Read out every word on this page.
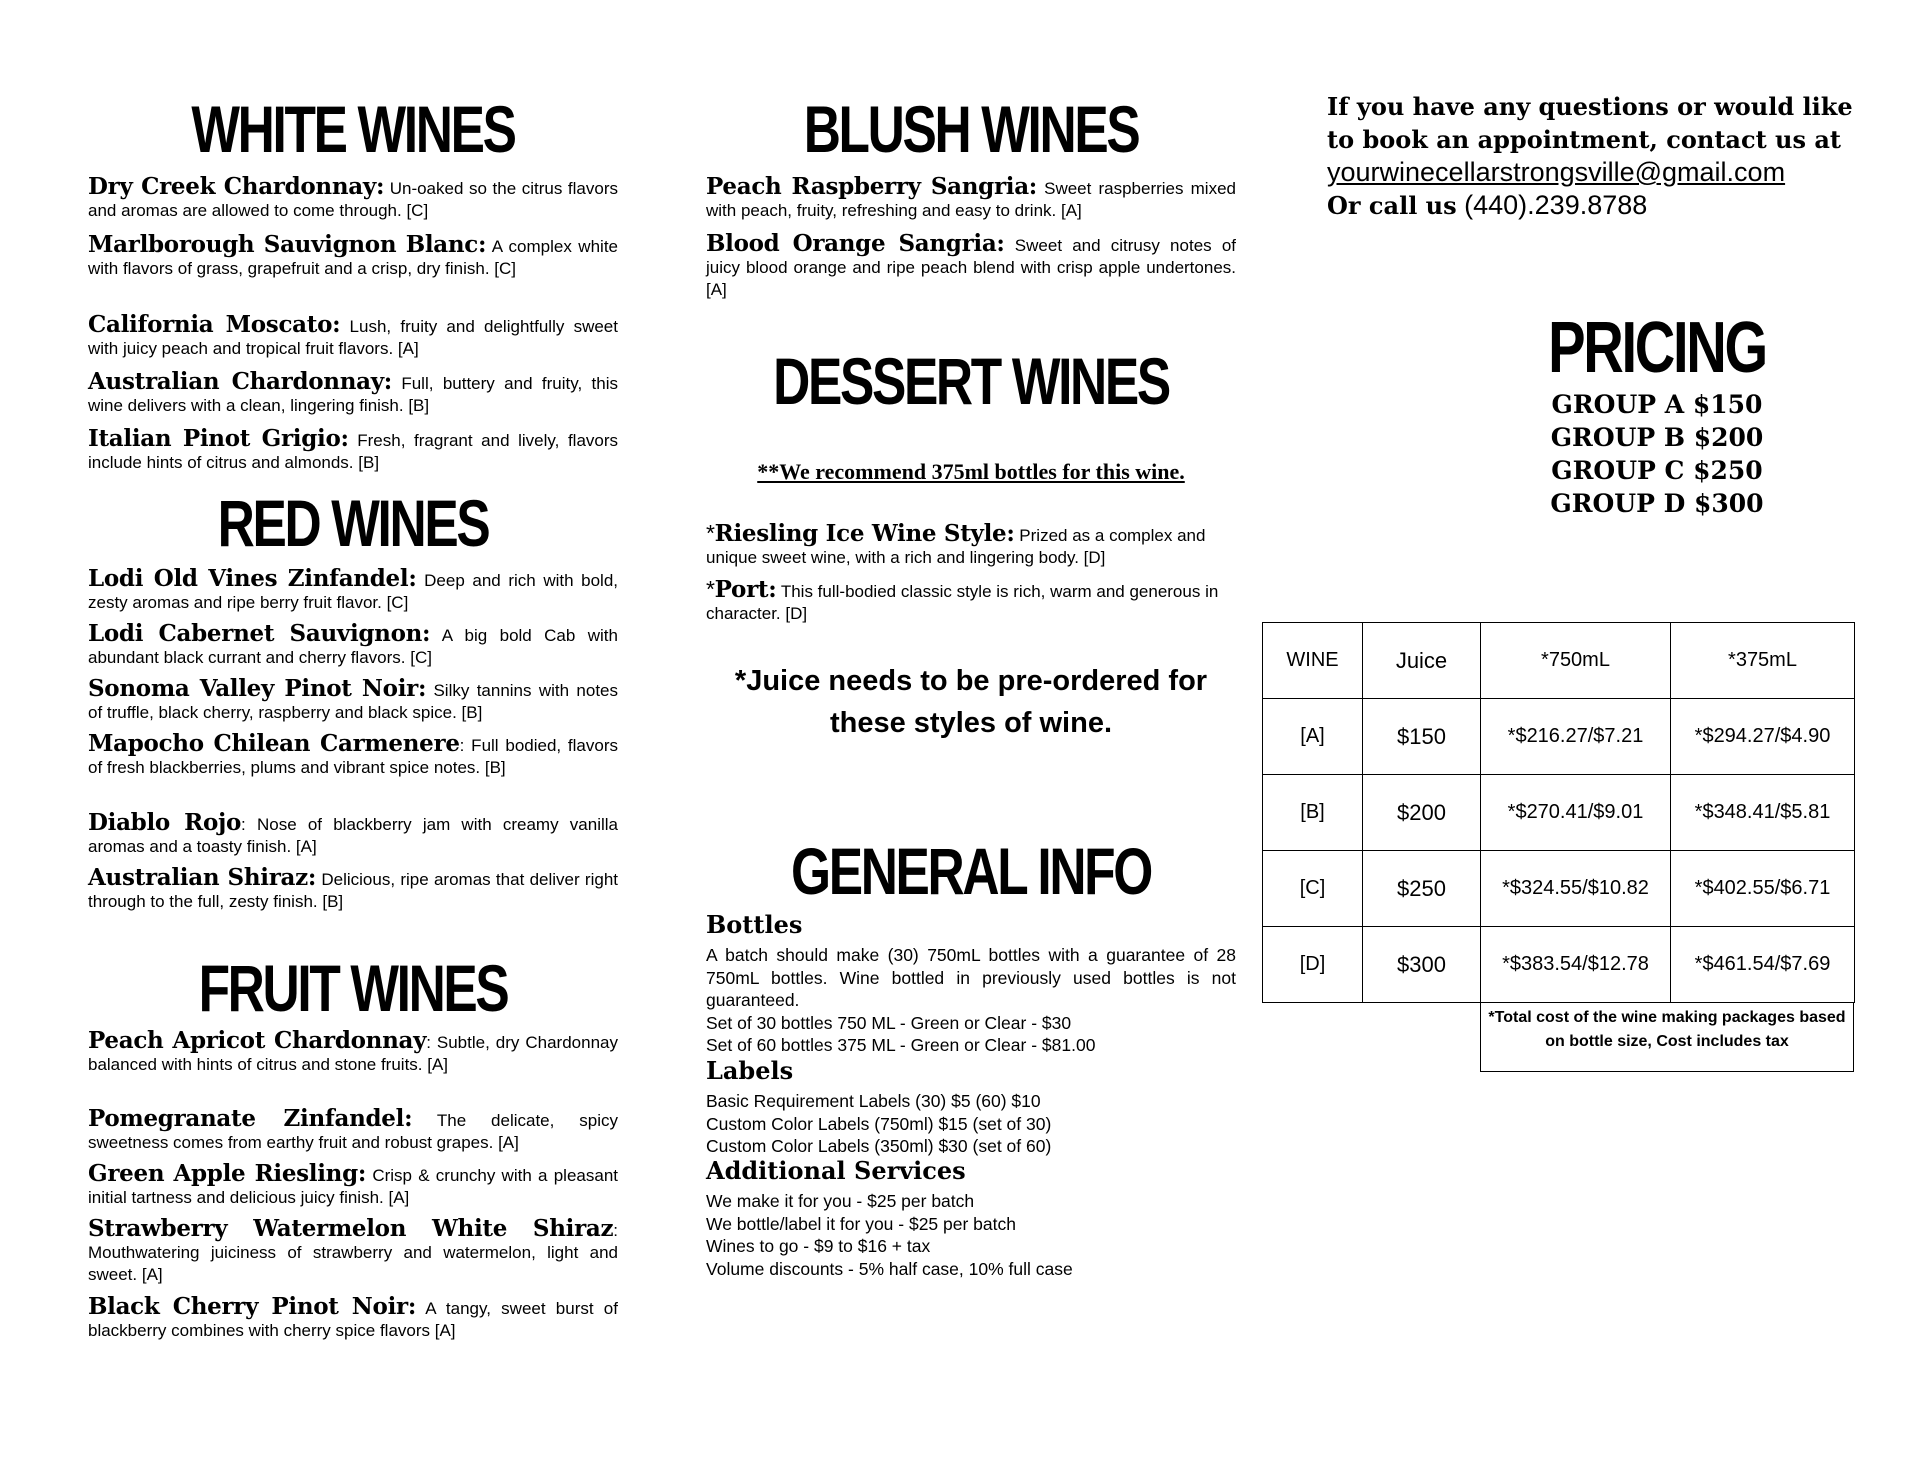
WHITE WINES
Dry Creek Chardonnay: Un-oaked so the citrus flavors and aromas are allowed to come through. [C]
Marlborough Sauvignon Blanc: A complex white with flavors of grass, grapefruit and a crisp, dry finish. [C]
California Moscato: Lush, fruity and delightfully sweet with juicy peach and tropical fruit flavors. [A]
Australian Chardonnay: Full, buttery and fruity, this wine delivers with a clean, lingering finish. [B]
Italian Pinot Grigio: Fresh, fragrant and lively, flavors include hints of citrus and almonds. [B]
RED WINES
Lodi Old Vines Zinfandel: Deep and rich with bold, zesty aromas and ripe berry fruit flavor. [C]
Lodi Cabernet Sauvignon: A big bold Cab with abundant black currant and cherry flavors. [C]
Sonoma Valley Pinot Noir: Silky tannins with notes of truffle, black cherry, raspberry and black spice. [B]
Mapocho Chilean Carmenere: Full bodied, flavors of fresh blackberries, plums and vibrant spice notes. [B]
Diablo Rojo: Nose of blackberry jam with creamy vanilla aromas and a toasty finish. [A]
Australian Shiraz: Delicious, ripe aromas that deliver right through to the full, zesty finish. [B]
FRUIT WINES
Peach Apricot Chardonnay: Subtle, dry Chardonnay balanced with hints of citrus and stone fruits. [A]
Pomegranate Zinfandel: The delicate, spicy sweetness comes from earthy fruit and robust grapes. [A]
Green Apple Riesling: Crisp & crunchy with a pleasant initial tartness and delicious juicy finish. [A]
Strawberry Watermelon White Shiraz: Mouthwatering juiciness of strawberry and watermelon, light and sweet. [A]
Black Cherry Pinot Noir: A tangy, sweet burst of blackberry combines with cherry spice flavors [A]
BLUSH WINES
Peach Raspberry Sangria: Sweet raspberries mixed with peach, fruity, refreshing and easy to drink. [A]
Blood Orange Sangria: Sweet and citrusy notes of juicy blood orange and ripe peach blend with crisp apple undertones. [A]
DESSERT WINES
**We recommend 375ml bottles for this wine.
*Riesling Ice Wine Style: Prized as a complex and unique sweet wine, with a rich and lingering body. [D]
*Port: This full-bodied classic style is rich, warm and generous in character. [D]
*Juice needs to be pre-ordered for these styles of wine.
GENERAL INFO
Bottles
A batch should make (30) 750mL bottles with a guarantee of 28 750mL bottles. Wine bottled in previously used bottles is not guaranteed.
Set of 30 bottles 750 ML - Green or Clear - $30
Set of 60 bottles 375 ML - Green or Clear - $81.00
Labels
Basic Requirement Labels (30) $5 (60) $10
Custom Color Labels (750ml) $15 (set of 30)
Custom Color Labels (350ml) $30 (set of 60)
Additional Services
We make it for you - $25 per batch
We bottle/label it for you - $25 per batch
Wines to go - $9 to $16 + tax
Volume discounts - 5% half case, 10% full case
If you have any questions or would like to book an appointment, contact us at
yourwinecellarstrongsville@gmail.com
Or call us (440).239.8788
PRICING
GROUP A $150
GROUP B $200
GROUP C $250
GROUP D $300
WINE	Juice	*750mL	*375mL
[A]	$150	*$216.27/$7.21	*$294.27/$4.90
[B]	$200	*$270.41/$9.01	*$348.41/$5.81
[C]	$250	*$324.55/$10.82	*$402.55/$6.71
[D]	$300	*$383.54/$12.78	*$461.54/$7.69
*Total cost of the wine making packages based on bottle size, Cost includes tax
